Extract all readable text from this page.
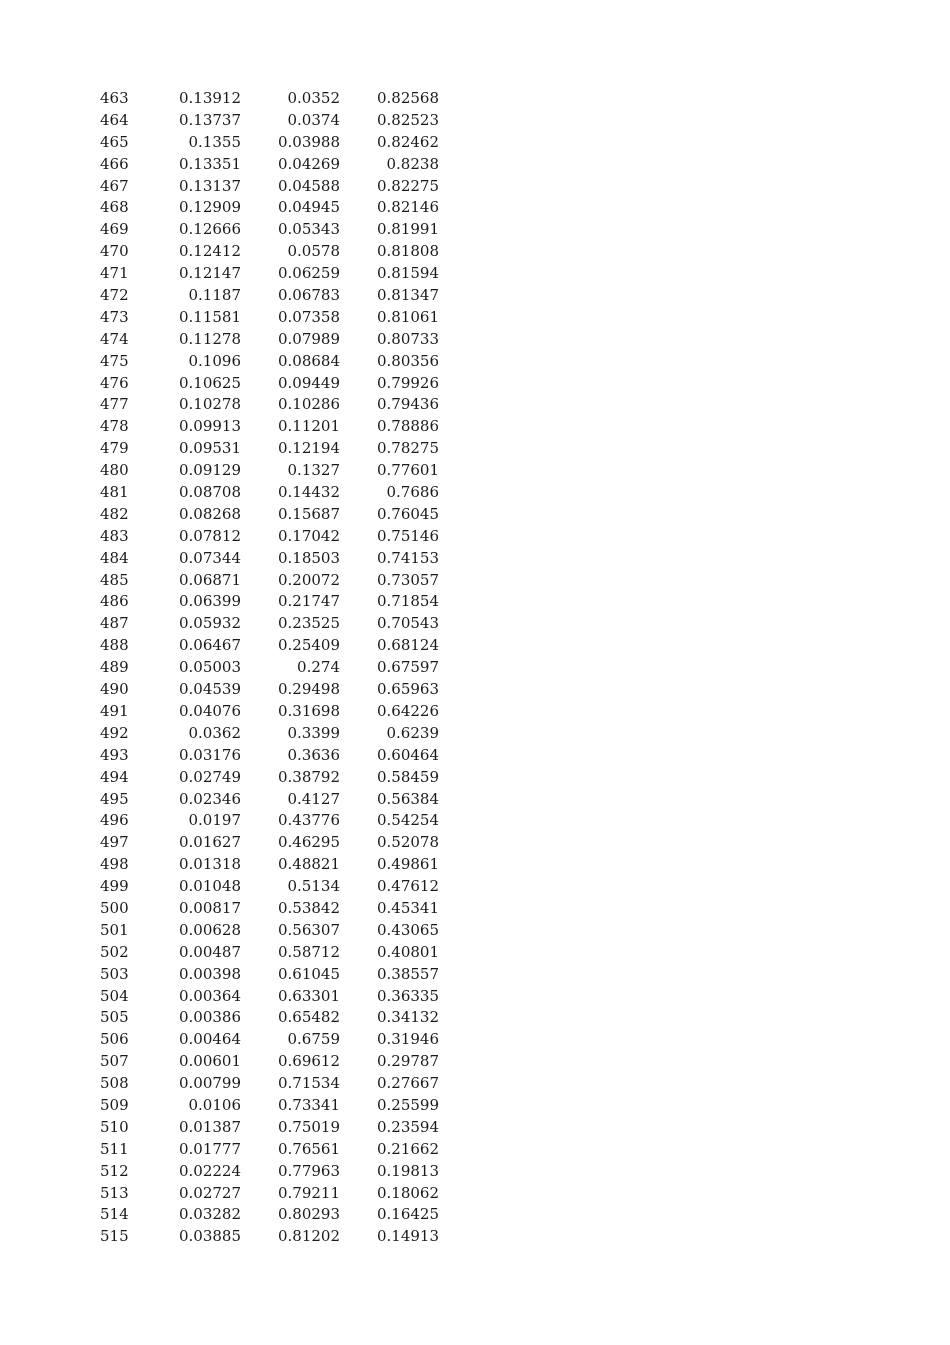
463	0.13912	0.0352	0.82568
464	0.13737	0.0374	0.82523
465	0.1355	0.03988	0.82462
466	0.13351	0.04269	0.8238
467	0.13137	0.04588	0.82275
468	0.12909	0.04945	0.82146
469	0.12666	0.05343	0.81991
470	0.12412	0.0578	0.81808
471	0.12147	0.06259	0.81594
472	0.1187	0.06783	0.81347
473	0.11581	0.07358	0.81061
474	0.11278	0.07989	0.80733
475	0.1096	0.08684	0.80356
476	0.10625	0.09449	0.79926
477	0.10278	0.10286	0.79436
478	0.09913	0.11201	0.78886
479	0.09531	0.12194	0.78275
480	0.09129	0.1327	0.77601
481	0.08708	0.14432	0.7686
482	0.08268	0.15687	0.76045
483	0.07812	0.17042	0.75146
484	0.07344	0.18503	0.74153
485	0.06871	0.20072	0.73057
486	0.06399	0.21747	0.71854
487	0.05932	0.23525	0.70543
488	0.06467	0.25409	0.68124
489	0.05003	0.274	0.67597
490	0.04539	0.29498	0.65963
491	0.04076	0.31698	0.64226
492	0.0362	0.3399	0.6239
493	0.03176	0.3636	0.60464
494	0.02749	0.38792	0.58459
495	0.02346	0.4127	0.56384
496	0.0197	0.43776	0.54254
497	0.01627	0.46295	0.52078
498	0.01318	0.48821	0.49861
499	0.01048	0.5134	0.47612
500	0.00817	0.53842	0.45341
501	0.00628	0.56307	0.43065
502	0.00487	0.58712	0.40801
503	0.00398	0.61045	0.38557
504	0.00364	0.63301	0.36335
505	0.00386	0.65482	0.34132
506	0.00464	0.6759	0.31946
507	0.00601	0.69612	0.29787
508	0.00799	0.71534	0.27667
509	0.0106	0.73341	0.25599
510	0.01387	0.75019	0.23594
511	0.01777	0.76561	0.21662
512	0.02224	0.77963	0.19813
513	0.02727	0.79211	0.18062
514	0.03282	0.80293	0.16425
515	0.03885	0.81202	0.14913
